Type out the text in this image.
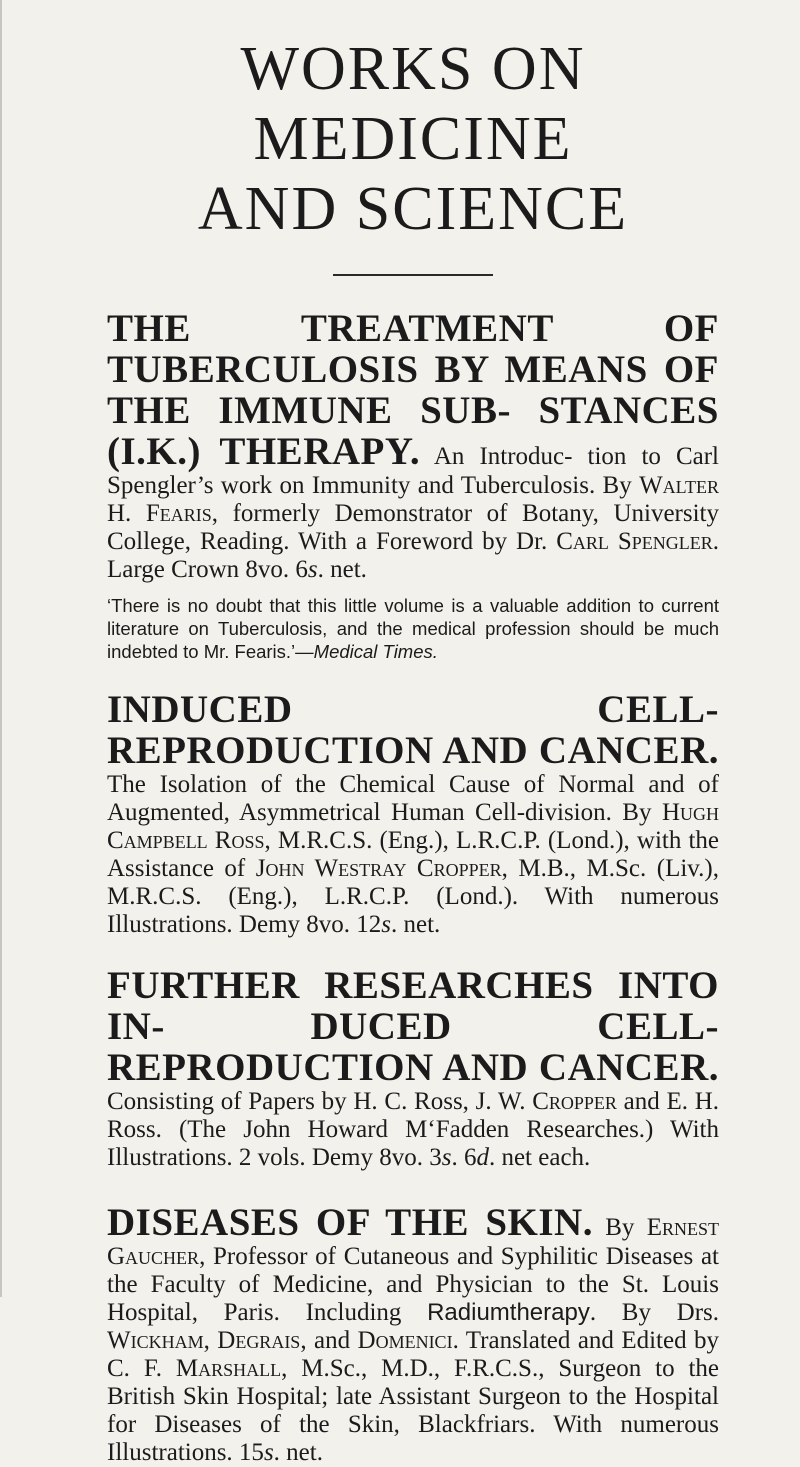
WORKS ON MEDICINE
AND SCIENCE
THE TREATMENT OF TUBERCULOSIS BY MEANS OF THE IMMUNE SUB- STANCES (I.K.) THERAPY. An Introduc- tion to Carl Spengler’s work on Immunity and Tuberculosis. By Walter H. Fearis, formerly Demonstrator of Botany, University College, Reading. With a Foreword by Dr. Carl Spengler. Large Crown 8vo. 6s. net.
‘There is no doubt that this little volume is a valuable addition to current literature on Tuberculosis, and the medical profession should be much indebted to Mr. Fearis.’—Medical Times.
INDUCED CELL-REPRODUCTION AND CANCER. The Isolation of the Chemical Cause of Normal and of Augmented, Asymmetrical Human Cell-division. By Hugh Campbell Ross, M.R.C.S. (Eng.), L.R.C.P. (Lond.), with the Assistance of John Westray Cropper, M.B., M.Sc. (Liv.), M.R.C.S. (Eng.), L.R.C.P. (Lond.). With numerous Illustrations. Demy 8vo. 12s. net.
FURTHER RESEARCHES INTO IN- DUCED CELL-REPRODUCTION AND CANCER. Consisting of Papers by H. C. Ross, J. W. Cropper and E. H. Ross. (The John Howard M‘Fadden Researches.) With Illustrations. 2 vols. Demy 8vo. 3s. 6d. net each.
DISEASES OF THE SKIN. By Ernest Gaucher, Professor of Cutaneous and Syphilitic Diseases at the Faculty of Medicine, and Physician to the St. Louis Hospital, Paris. Including Radiumtherapy. By Drs. Wickham, Degrais, and Domenici. Translated and Edited by C. F. Marshall, M.Sc., M.D., F.R.C.S., Surgeon to the British Skin Hospital; late Assistant Surgeon to the Hospital for Diseases of the Skin, Blackfriars. With numerous Illustrations. 15s. net.
